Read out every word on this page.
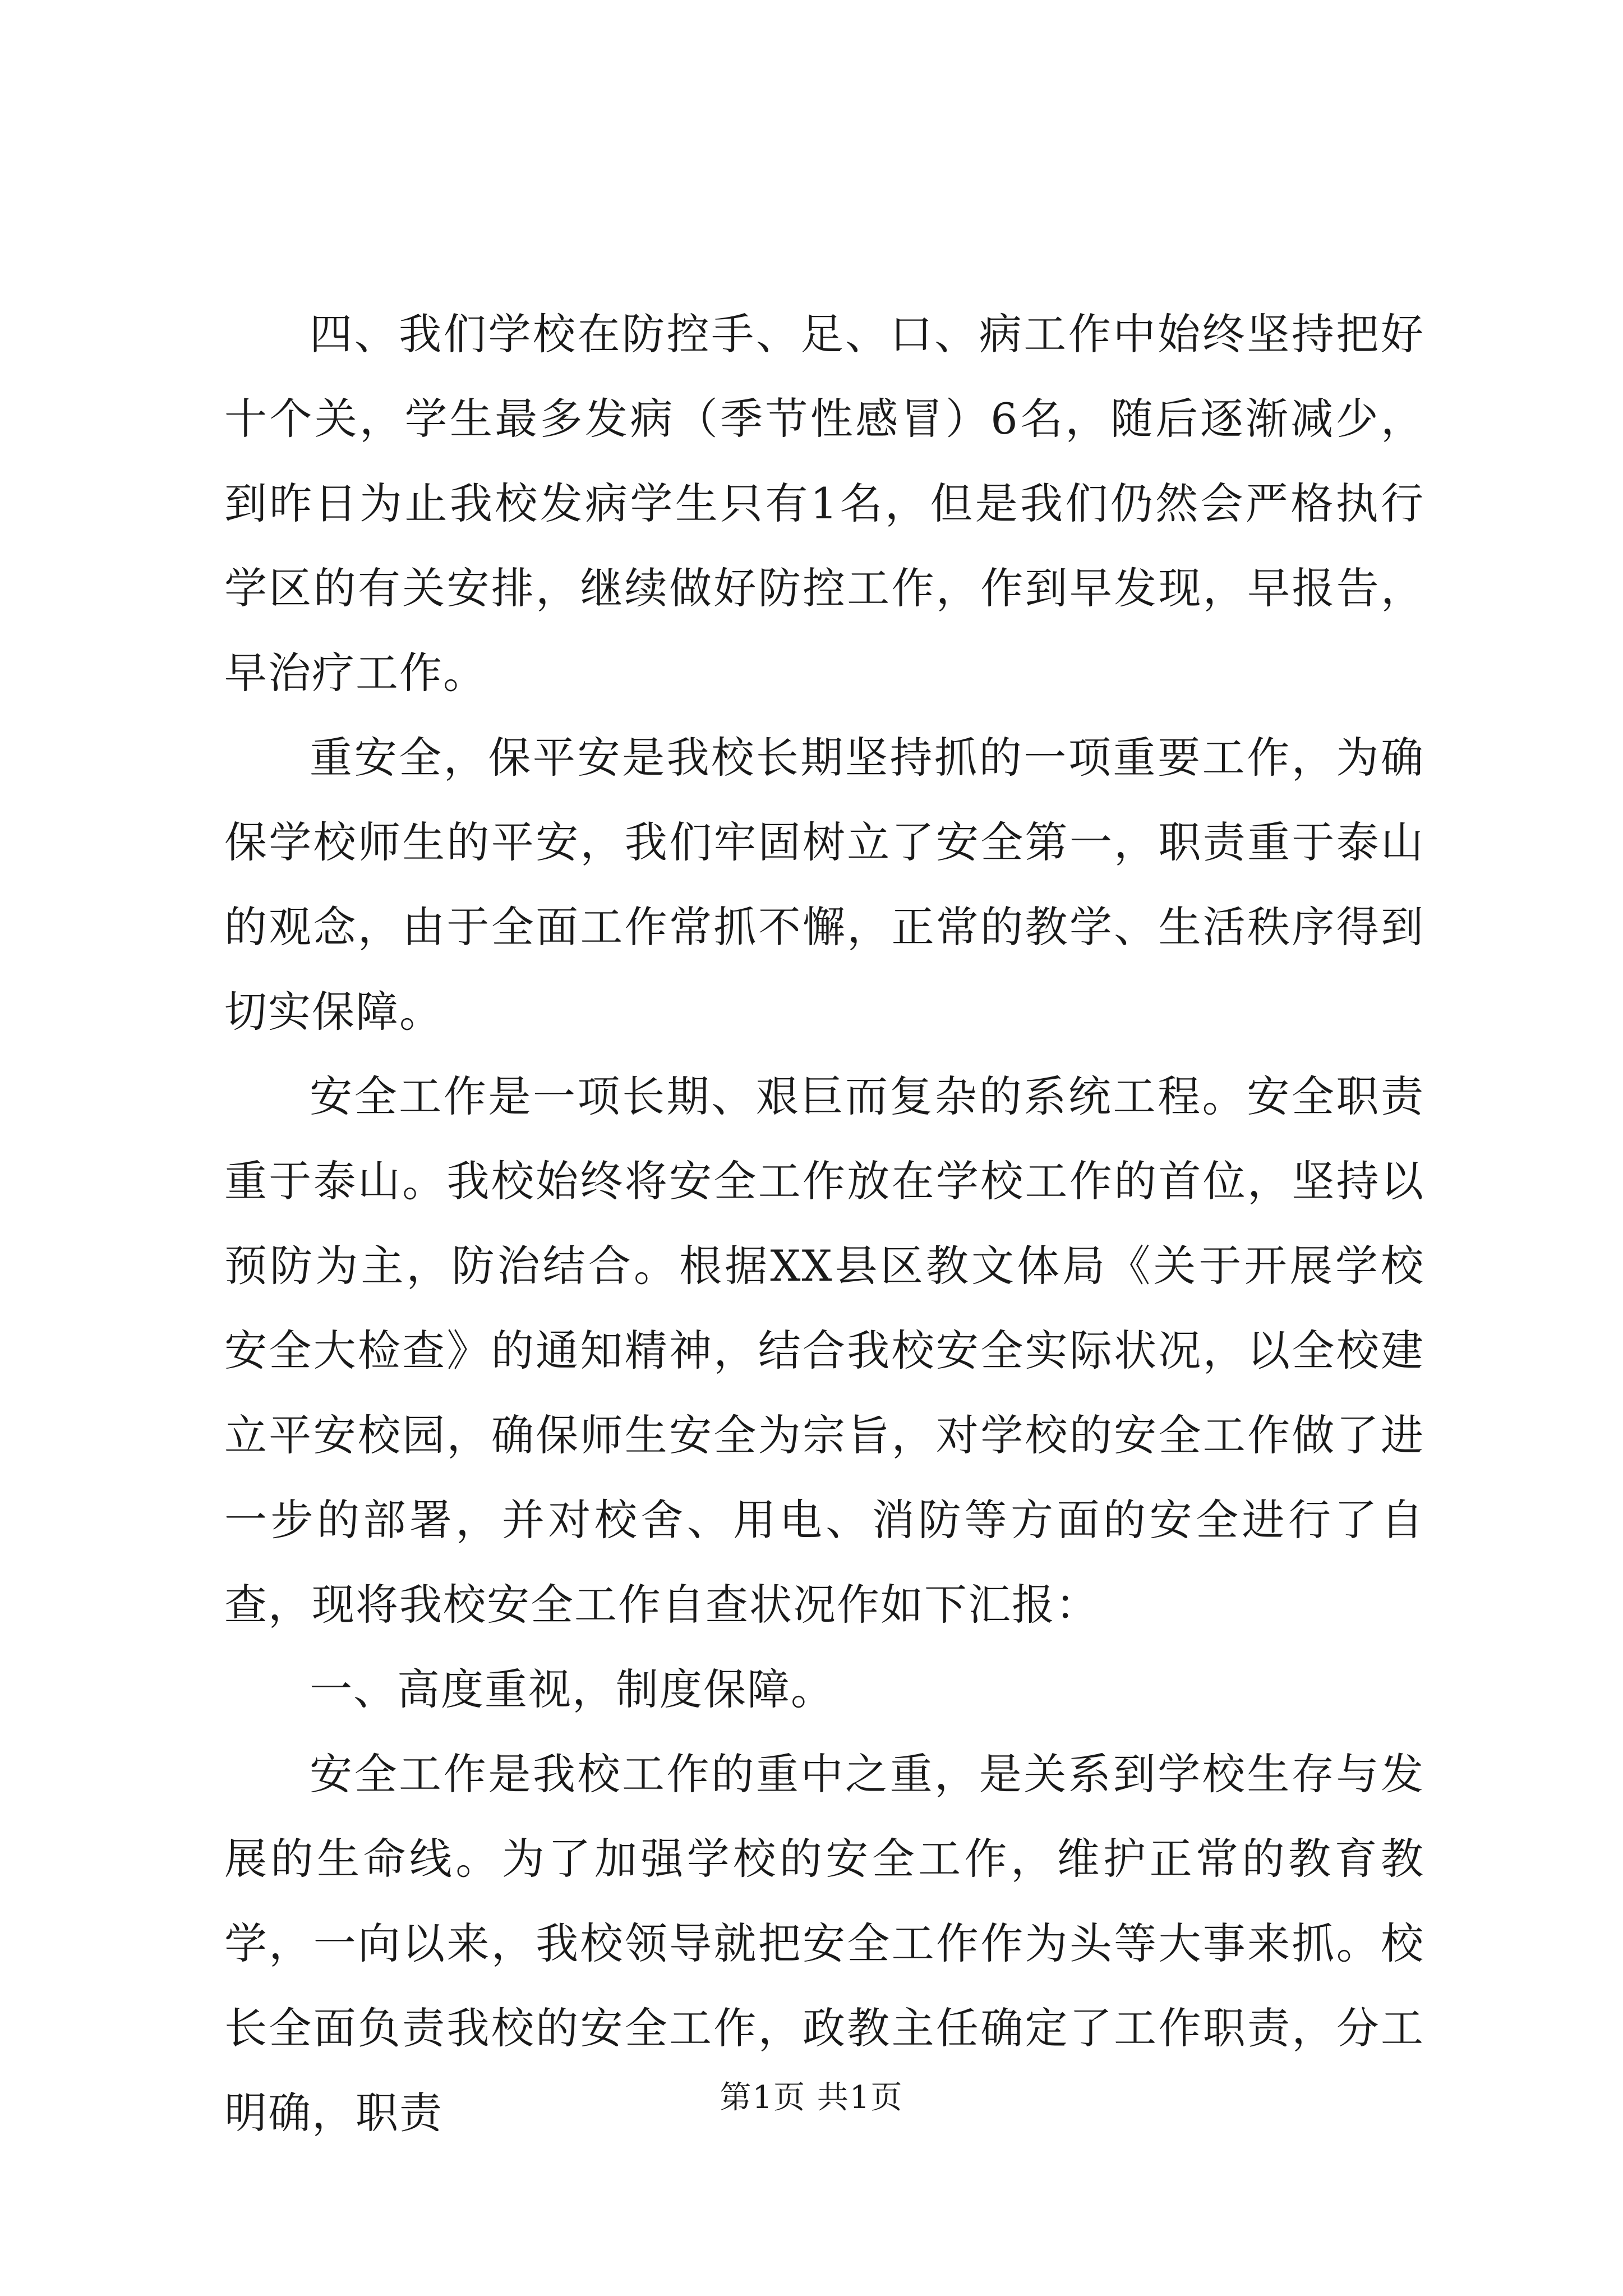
四、我们学校在防控手、足、口、病工作中始终坚持把好十个关，学生最多发病（季节性感冒）6名，随后逐渐减少，到昨日为止我校发病学生只有1名，但是我们仍然会严格执行学区的有关安排，继续做好防控工作，作到早发现，早报告，早治疗工作。

重安全，保平安是我校长期坚持抓的一项重要工作，为确保学校师生的平安，我们牢固树立了安全第一，职责重于泰山的观念，由于全面工作常抓不懈，正常的教学、生活秩序得到切实保障。

安全工作是一项长期、艰巨而复杂的系统工程。安全职责重于泰山。我校始终将安全工作放在学校工作的首位，坚持以预防为主，防治结合。根据XX县区教文体局《关于开展学校安全大检查》的通知精神，结合我校安全实际状况，以全校建立平安校园，确保师生安全为宗旨，对学校的安全工作做了进一步的部署，并对校舍、用电、消防等方面的安全进行了自查，现将我校安全工作自查状况作如下汇报：

一、高度重视，制度保障。

安全工作是我校工作的重中之重，是关系到学校生存与发展的生命线。为了加强学校的安全工作，维护正常的教育教学，一向以来，我校领导就把安全工作作为头等大事来抓。校长全面负责我校的安全工作，政教主任确定了工作职责，分工明确，职责	第1页 共1页
